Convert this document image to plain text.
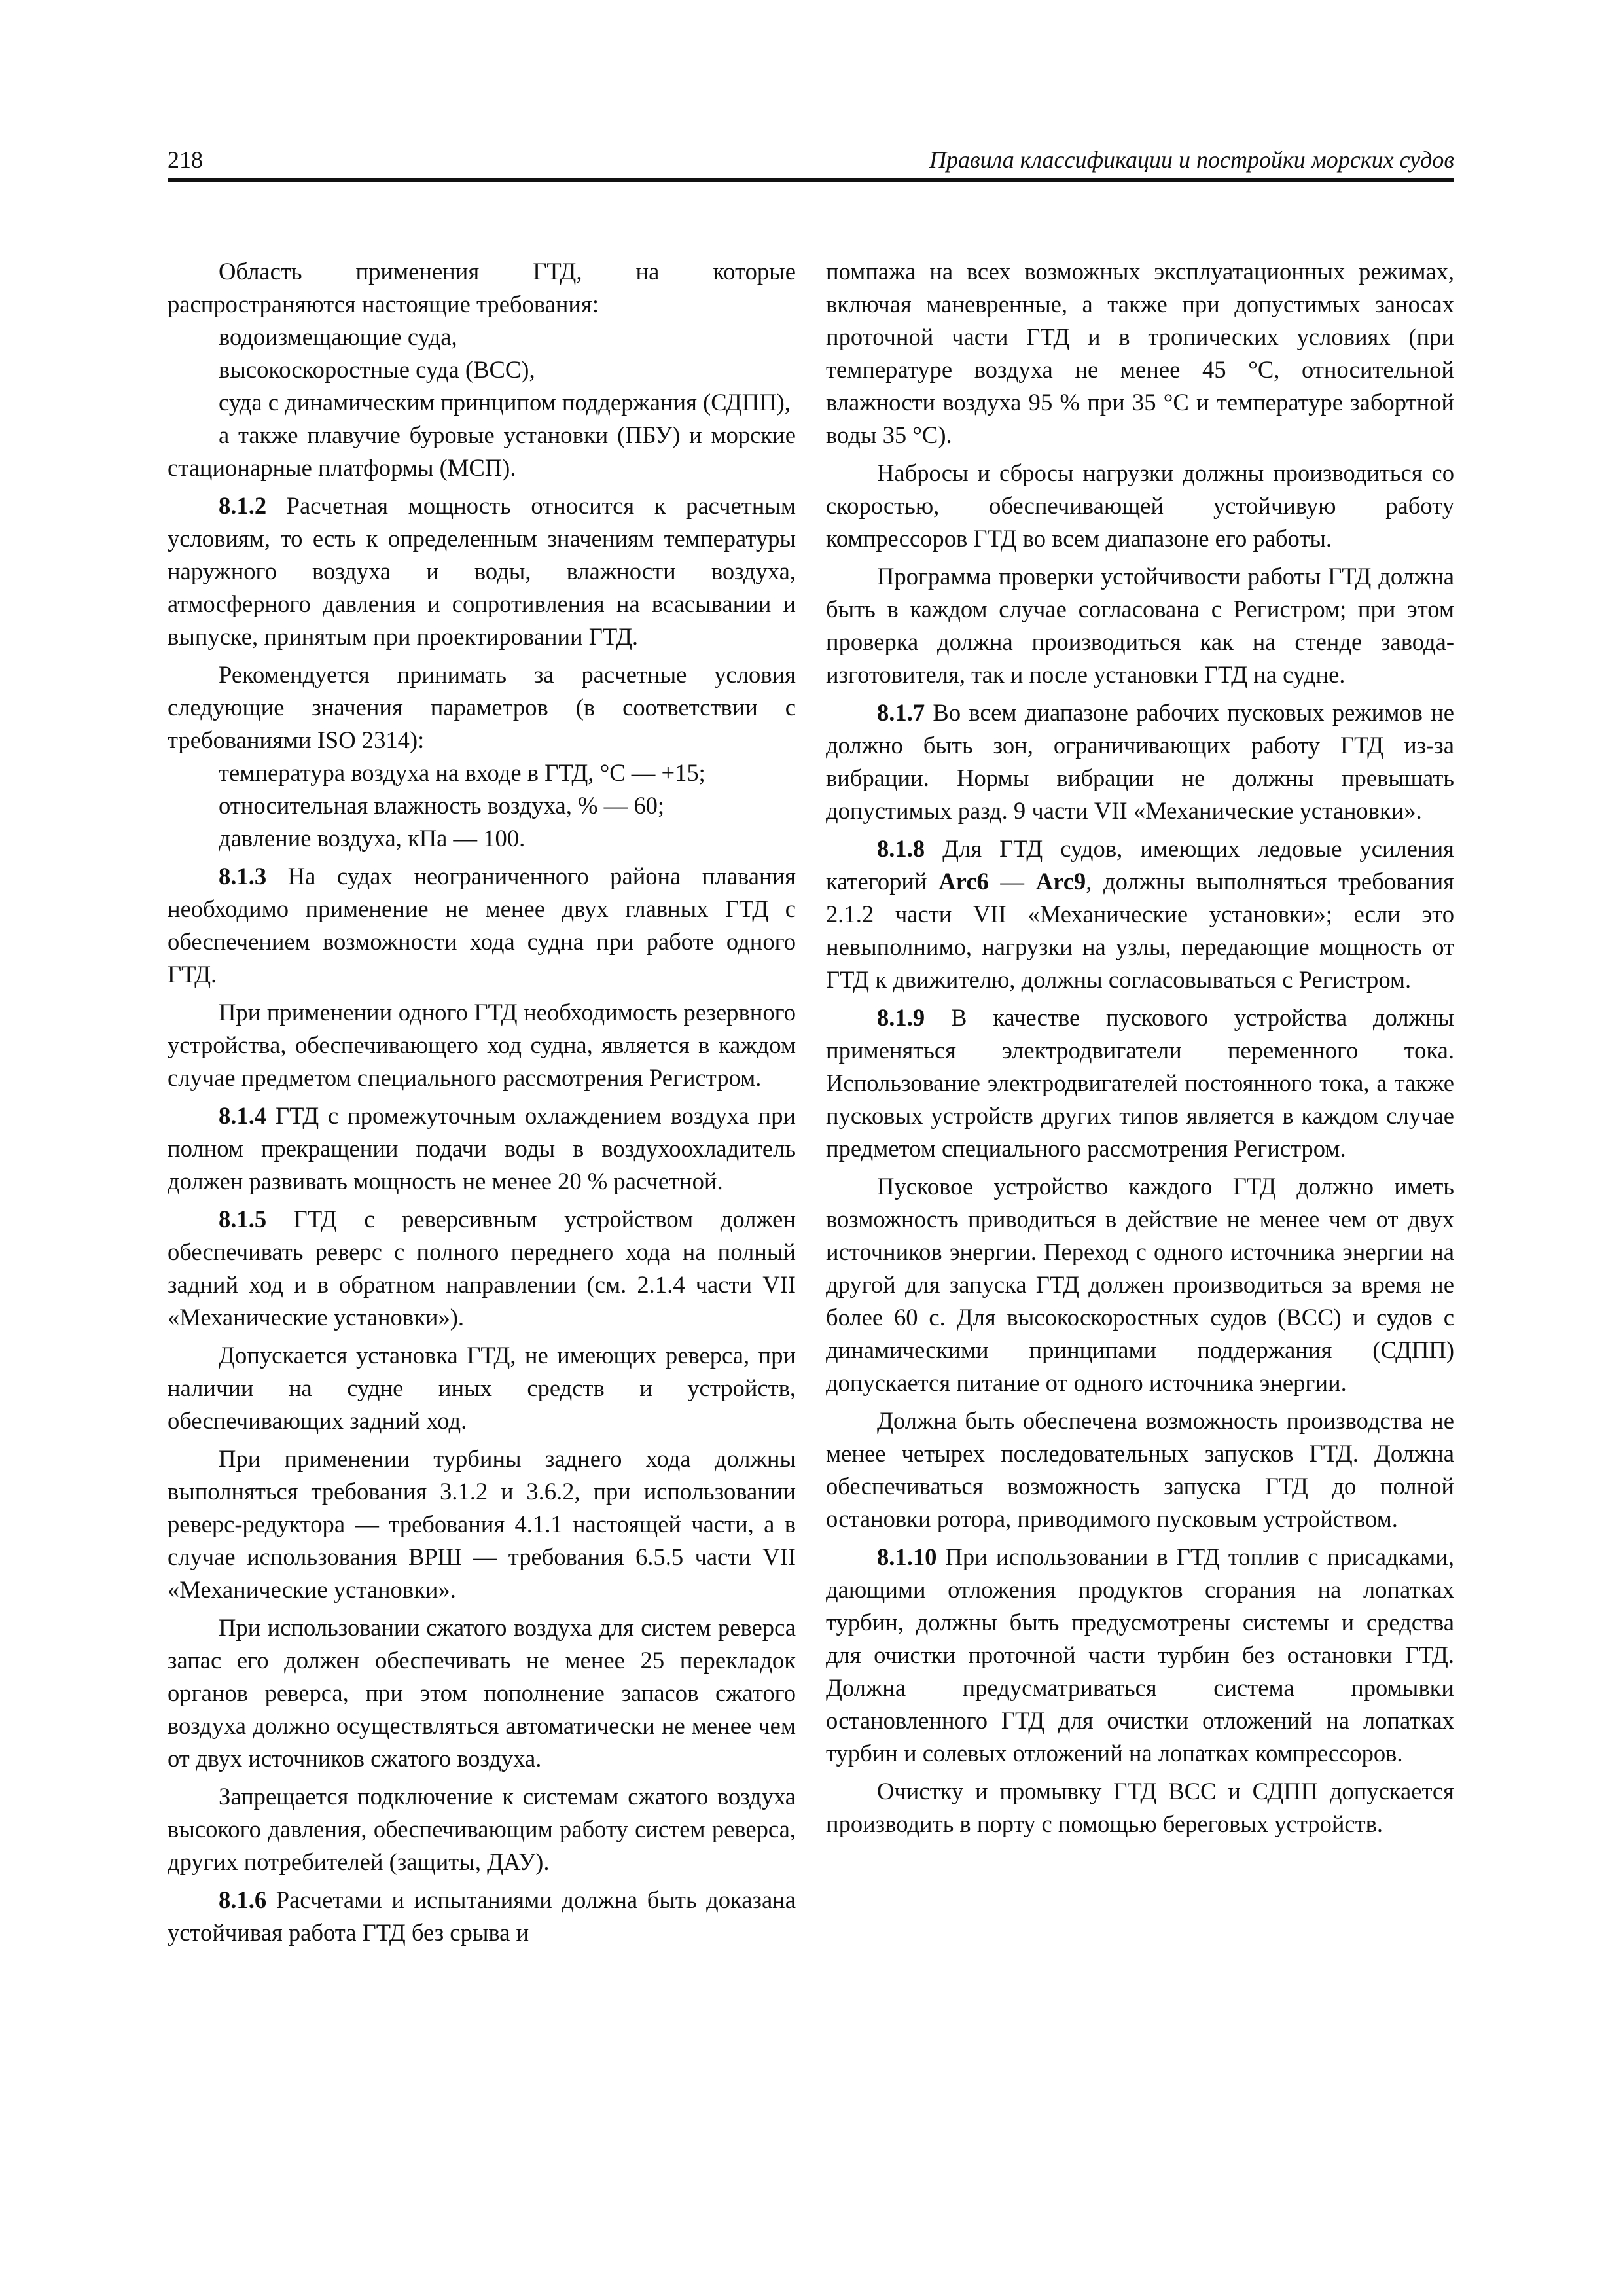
218	Правила классификации и постройки морских судов

Область применения ГТД, на которые распространяются настоящие требования:

водоизмещающие суда,

высокоскоростные суда (ВСС),

суда с динамическим принципом поддержания (СДПП),

а также плавучие буровые установки (ПБУ) и морские стационарные платформы (МСП).

8.1.2 Расчетная мощность относится к расчетным условиям, то есть к определенным значениям температуры наружного воздуха и воды, влажности воздуха, атмосферного давления и сопротивления на всасывании и выпуске, принятым при проектировании ГТД.

Рекомендуется принимать за расчетные условия следующие значения параметров (в соответствии с требованиями ISO 2314):

температура воздуха на входе в ГТД, °С — +15;

относительная влажность воздуха, % — 60;

давление воздуха, кПа — 100.

8.1.3 На судах неограниченного района плавания необходимо применение не менее двух главных ГТД с обеспечением возможности хода судна при работе одного ГТД.

При применении одного ГТД необходимость резервного устройства, обеспечивающего ход судна, является в каждом случае предметом специального рассмотрения Регистром.

8.1.4 ГТД с промежуточным охлаждением воздуха при полном прекращении подачи воды в воздухоохладитель должен развивать мощность не менее 20 % расчетной.

8.1.5 ГТД с реверсивным устройством должен обеспечивать реверс с полного переднего хода на полный задний ход и в обратном направлении (см. 2.1.4 части VII «Механические установки»).

Допускается установка ГТД, не имеющих реверса, при наличии на судне иных средств и устройств, обеспечивающих задний ход.

При применении турбины заднего хода должны выполняться требования 3.1.2 и 3.6.2, при использовании реверс-редуктора — требования 4.1.1 настоящей части, а в случае использования ВРШ — требования 6.5.5 части VII «Механические установки».

При использовании сжатого воздуха для систем реверса запас его должен обеспечивать не менее 25 перекладок органов реверса, при этом пополнение запасов сжатого воздуха должно осуществляться автоматически не менее чем от двух источников сжатого воздуха.

Запрещается подключение к системам сжатого воздуха высокого давления, обеспечивающим работу систем реверса, других потребителей (защиты, ДАУ).

8.1.6 Расчетами и испытаниями должна быть доказана устойчивая работа ГТД без срыва и

помпажа на всех возможных эксплуатационных режимах, включая маневренные, а также при допустимых заносах проточной части ГТД и в тропических условиях (при температуре воздуха не менее 45 °С, относительной влажности воздуха 95 % при 35 °С и температуре забортной воды 35 °С).

Набросы и сбросы нагрузки должны производиться со скоростью, обеспечивающей устойчивую работу компрессоров ГТД во всем диапазоне его работы.

Программа проверки устойчивости работы ГТД должна быть в каждом случае согласована с Регистром; при этом проверка должна производиться как на стенде завода-изготовителя, так и после установки ГТД на судне.

8.1.7 Во всем диапазоне рабочих пусковых режимов не должно быть зон, ограничивающих работу ГТД из-за вибрации. Нормы вибрации не должны превышать допустимых разд. 9 части VII «Механические установки».

8.1.8 Для ГТД судов, имеющих ледовые усиления категорий Arc6 — Arc9, должны выполняться требования 2.1.2 части VII «Механические установки»; если это невыполнимо, нагрузки на узлы, передающие мощность от ГТД к движителю, должны согласовываться с Регистром.

8.1.9 В качестве пускового устройства должны применяться электродвигатели переменного тока. Использование электродвигателей постоянного тока, а также пусковых устройств других типов является в каждом случае предметом специального рассмотрения Регистром.

Пусковое устройство каждого ГТД должно иметь возможность приводиться в действие не менее чем от двух источников энергии. Переход с одного источника энергии на другой для запуска ГТД должен производиться за время не более 60 с. Для высокоскоростных судов (ВСС) и судов с динамическими принципами поддержания (СДПП) допускается питание от одного источника энергии.

Должна быть обеспечена возможность производства не менее четырех последовательных запусков ГТД. Должна обеспечиваться возможность запуска ГТД до полной остановки ротора, приводимого пусковым устройством.

8.1.10 При использовании в ГТД топлив с присадками, дающими отложения продуктов сгорания на лопатках турбин, должны быть предусмотрены системы и средства для очистки проточной части турбин без остановки ГТД. Должна предусматриваться система промывки остановленного ГТД для очистки отложений на лопатках турбин и солевых отложений на лопатках компрессоров.

Очистку и промывку ГТД ВСС и СДПП допускается производить в порту с помощью береговых устройств.
